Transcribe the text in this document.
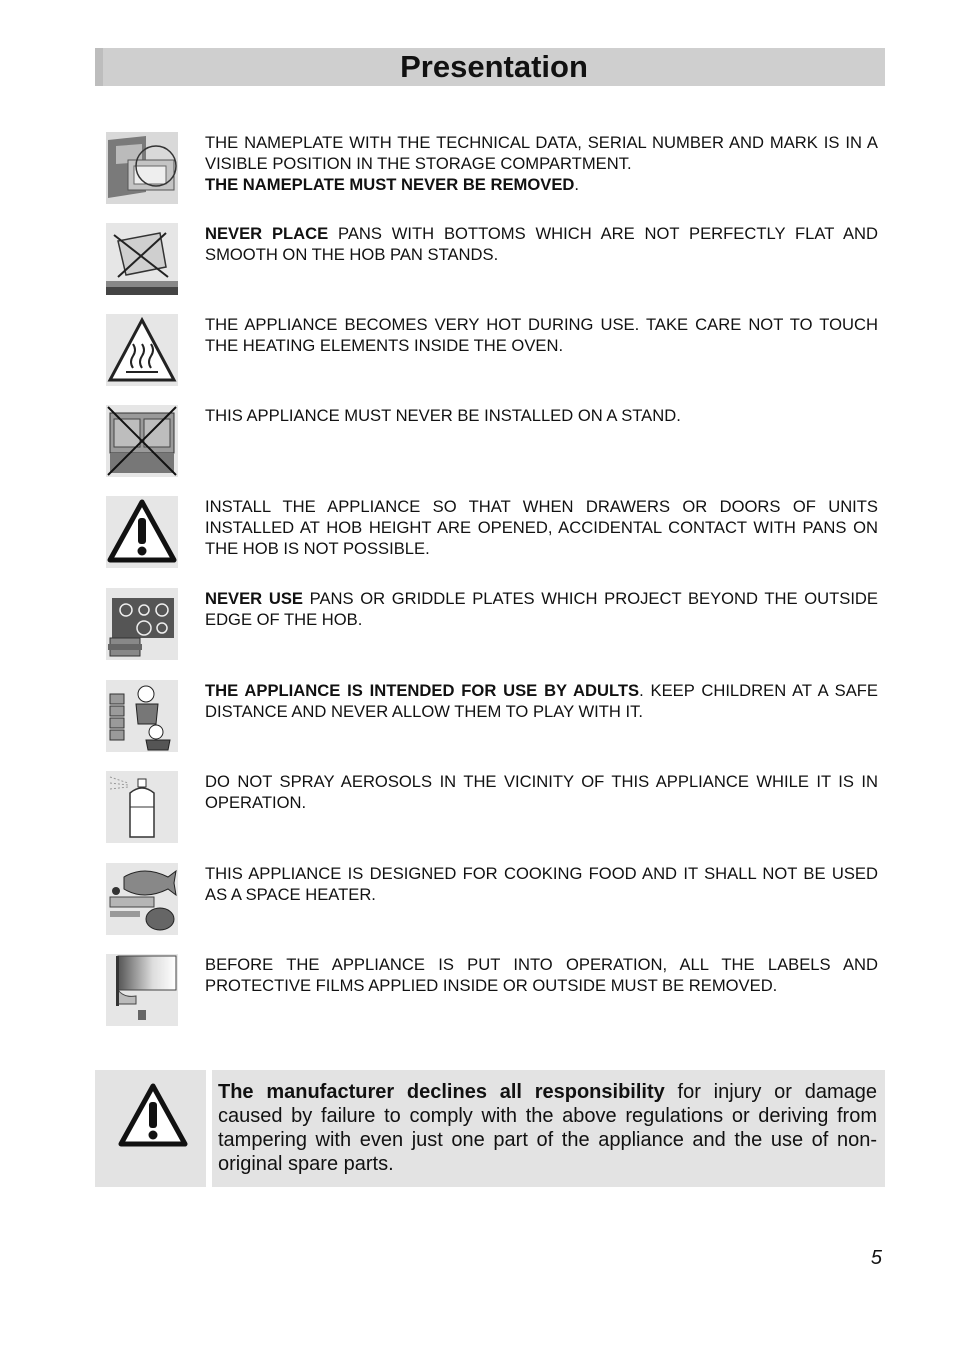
Presentation
THE NAMEPLATE WITH THE TECHNICAL DATA, SERIAL NUMBER AND MARK IS IN A VISIBLE POSITION IN THE STORAGE COMPARTMENT.
THE NAMEPLATE MUST NEVER BE REMOVED.
NEVER PLACE PANS WITH BOTTOMS WHICH ARE NOT PERFECTLY FLAT AND SMOOTH ON THE HOB PAN STANDS.
THE APPLIANCE BECOMES VERY HOT DURING USE. TAKE CARE NOT TO TOUCH THE HEATING ELEMENTS INSIDE THE OVEN.
THIS APPLIANCE MUST NEVER BE INSTALLED ON A STAND.
INSTALL THE APPLIANCE SO THAT WHEN DRAWERS OR DOORS OF UNITS INSTALLED AT HOB HEIGHT ARE OPENED, ACCIDENTAL CONTACT WITH PANS ON THE HOB IS NOT POSSIBLE.
NEVER USE PANS OR GRIDDLE PLATES WHICH PROJECT BEYOND THE OUTSIDE EDGE OF THE HOB.
THE APPLIANCE IS INTENDED FOR USE BY ADULTS. KEEP CHILDREN AT A SAFE DISTANCE AND NEVER ALLOW THEM TO PLAY WITH IT.
DO NOT SPRAY AEROSOLS IN THE VICINITY OF THIS APPLIANCE WHILE IT IS IN OPERATION.
THIS APPLIANCE IS DESIGNED FOR COOKING FOOD AND IT SHALL NOT BE USED AS A SPACE HEATER.
BEFORE THE APPLIANCE IS PUT INTO OPERATION, ALL THE LABELS AND PROTECTIVE FILMS APPLIED INSIDE OR OUTSIDE MUST BE REMOVED.
The manufacturer declines all responsibility for injury or damage caused by failure to comply with the above regulations or deriving from tampering with even just one part of the appliance and the use of non-original spare parts.
5
